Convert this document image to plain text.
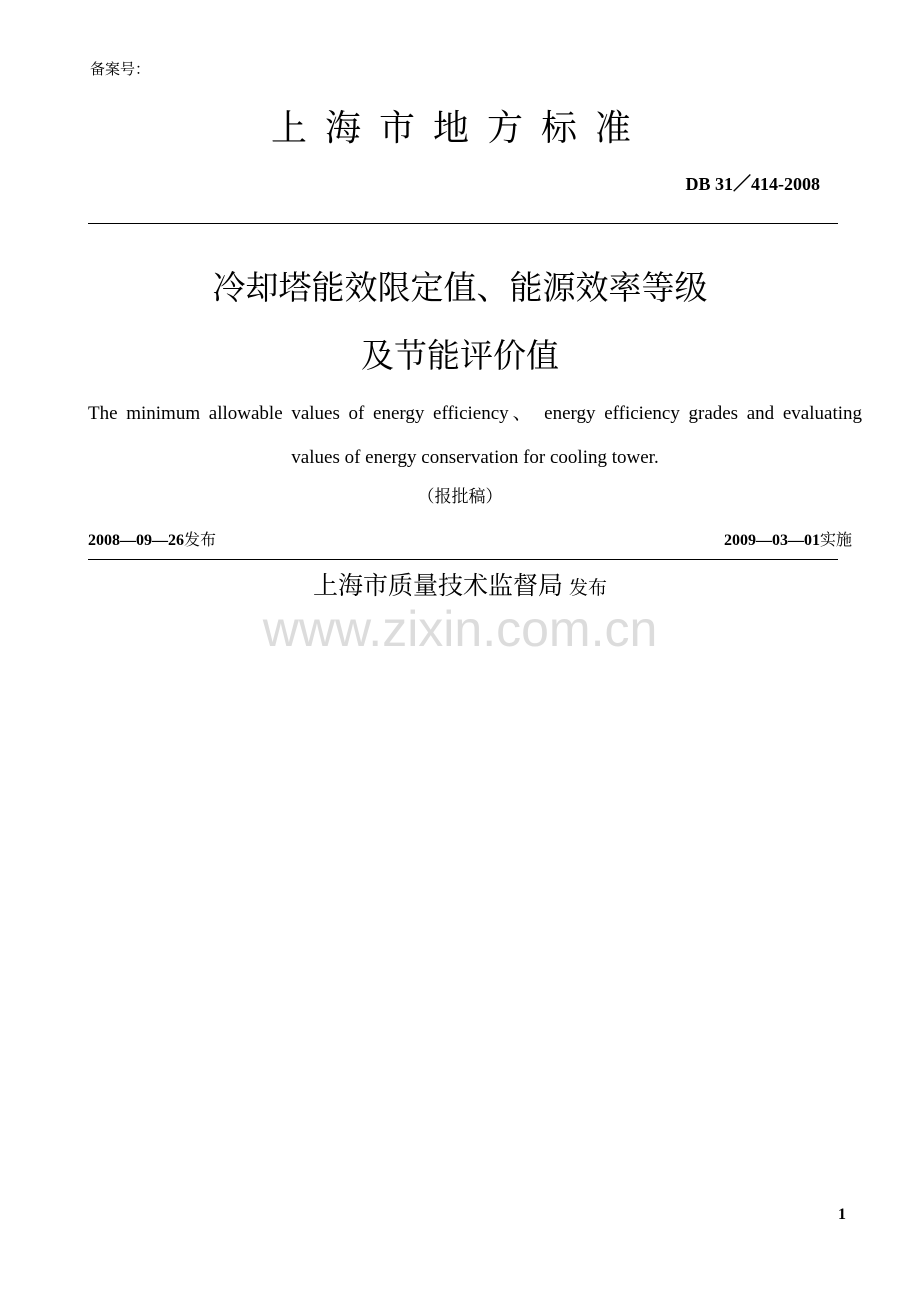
备案号：
上海市地方标准
DB 31／414-2008
冷却塔能效限定值、能源效率等级
及节能评价值
The minimum allowable values of energy efficiency、 energy efficiency grades and evaluating values of energy conservation for cooling tower.
（报批稿）
2008—09—26发布	2009—03—01实施
上海市质量技术监督局 发布
www.zixin.com.cn
1
